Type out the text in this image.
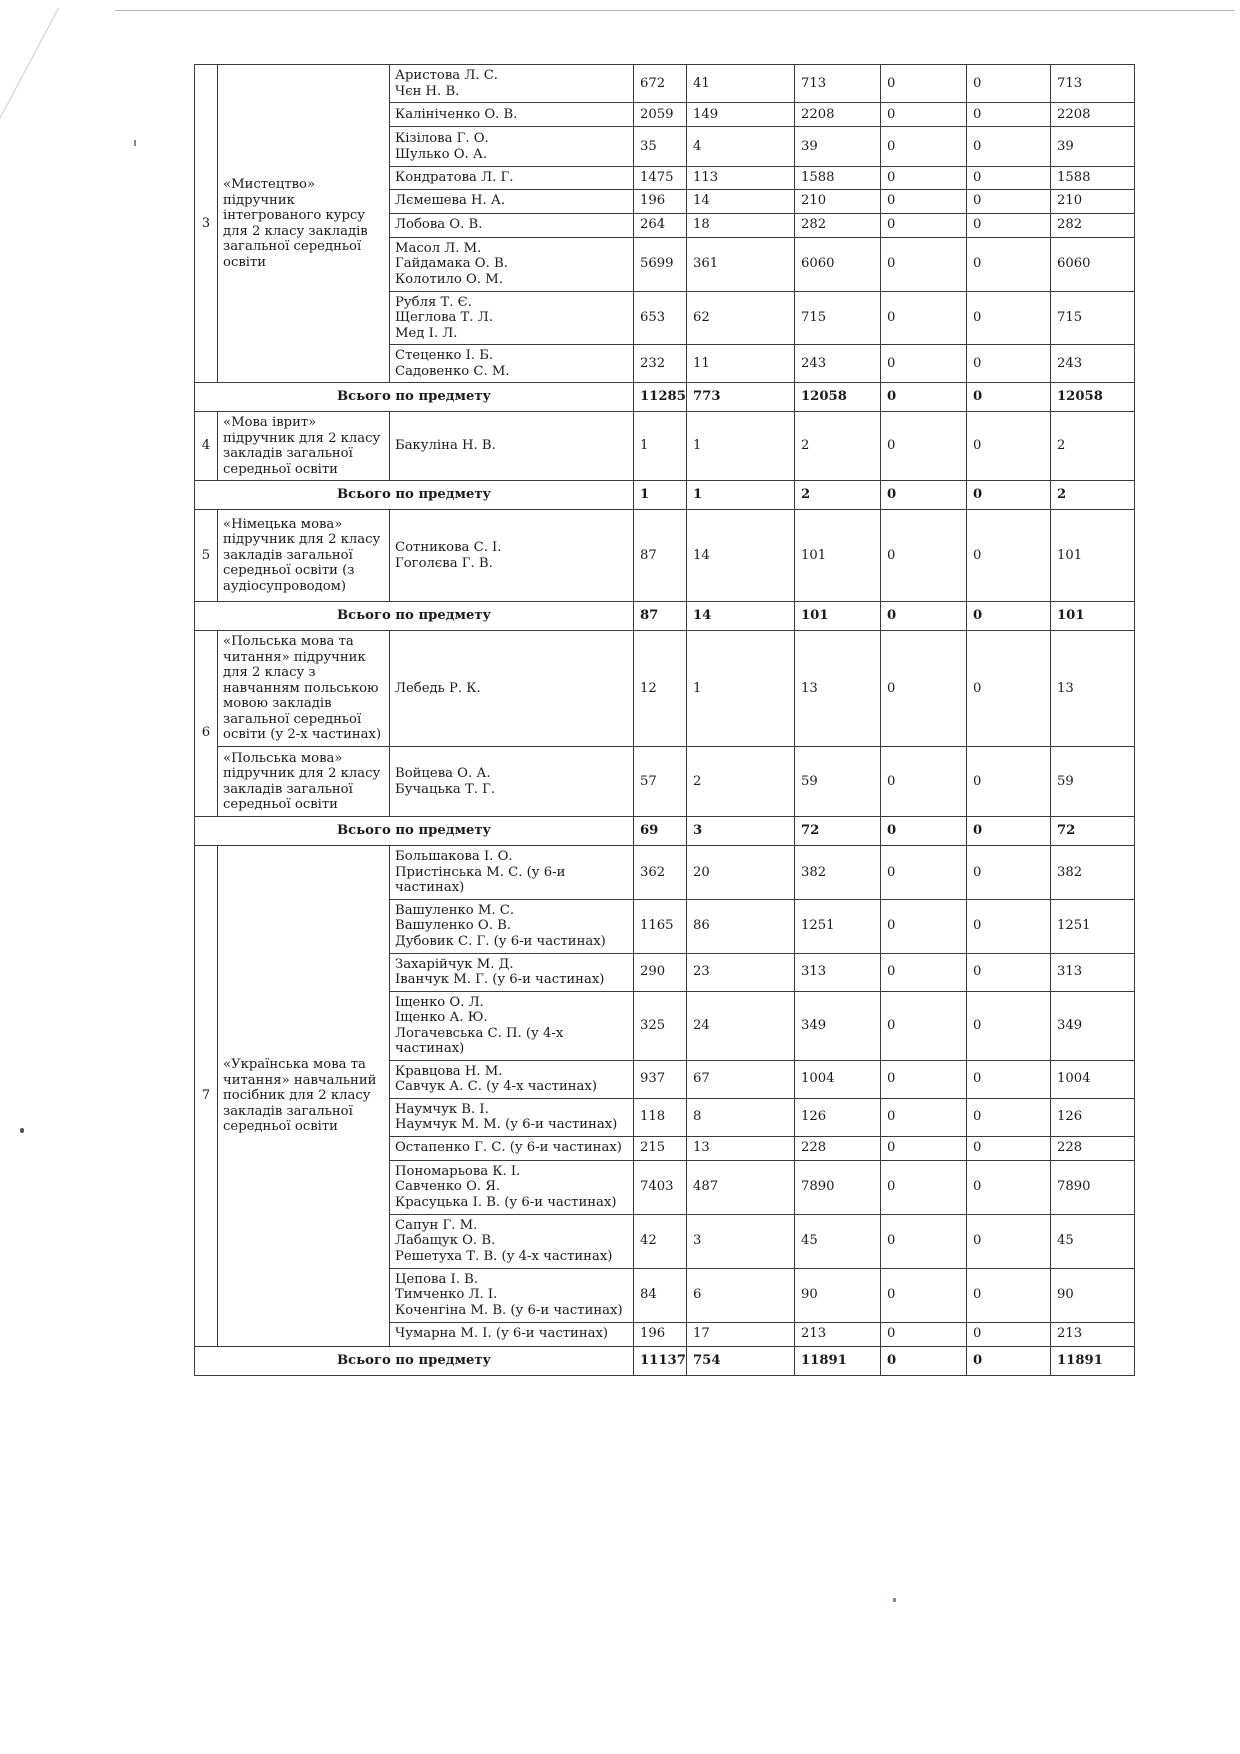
3	«Мистецтво» підручник інтегрованого курсу для 2 класу закладів загальної середньої освіти	Аристова Л. С.
Чєн Н. В.	672	41	713	0	0	713

		Калініченко О. В.	2059	149	2208	0	0	2208

		Кізілова Г. О.
Шулько О. А.	35	4	39	0	0	39

		Кондратова Л. Г.	1475	113	1588	0	0	1588

		Лємешева Н. А.	196	14	210	0	0	210

		Лобова О. В.	264	18	282	0	0	282

		Масол Л. М.
Гайдамака О. В.
Колотило О. М.	5699	361	6060	0	0	6060

		Рубля Т. Є.
Щеглова Т. Л.
Мед І. Л.	653	62	715	0	0	715

		Стеценко І. Б.
Садовенко С. М.	232	11	243	0	0	243
Всього по предмету			11285	773	12058	0	0	12058
4	«Мова іврит» підручник для 2 класу закладів загальної середньої освіти	Бакуліна Н. В.	1	1	2	0	0	2
Всього по предмету			1	1	2	0	0	2
5	«Німецька мова» підручник для 2 класу закладів загальної середньої освіти (з аудіосупроводом)	Сотникова С. І.
Гоголєва Г. В.	87	14	101	0	0	101
Всього по предмету			87	14	101	0	0	101
6	«Польська мова та читання» підручник для 2 класу з навчанням польською мовою закладів загальної середньої освіти (у 2-х частинах)	Лебедь Р. К.	12	1	13	0	0	13
	«Польська мова» підручник для 2 класу закладів загальної середньої освіти	Войцева О. А.
Бучацька Т. Г.	57	2	59	0	0	59
Всього по предмету			69	3	72	0	0	72
7	«Українська мова та читання» навчальний посібник для 2 класу закладів загальної середньої освіти	Большакова І. О.
Пристінська М. С. (у 6-и частинах)	362	20	382	0	0	382

		Вашуленко М. С.
Вашуленко О. В.
Дубовик С. Г. (у 6-и частинах)	1165	86	1251	0	0	1251

		Захарійчук М. Д.
Іванчук М. Г. (у 6-и частинах)	290	23	313	0	0	313

		Іщенко О. Л.
Іщенко А. Ю.
Логачевська С. П. (у 4-х частинах)	325	24	349	0	0	349

		Кравцова Н. М.
Савчук А. С. (у 4-х частинах)	937	67	1004	0	0	1004

		Наумчук В. І.
Наумчук М. М. (у 6-и частинах)	118	8	126	0	0	126

		Остапенко Г. С. (у 6-и частинах)	215	13	228	0	0	228

		Пономарьова К. І.
Савченко О. Я.
Красуцька І. В. (у 6-и частинах)	7403	487	7890	0	0	7890

		Сапун Г. М.
Лабащук О. В.
Решетуха Т. В. (у 4-х частинах)	42	3	45	0	0	45

		Цепова І. В.
Тимченко Л. І.
Коченгіна М. В. (у 6-и частинах)	84	6	90	0	0	90

		Чумарна М. І. (у 6-и частинах)	196	17	213	0	0	213
Всього по предмету			11137	754	11891	0	0	11891
